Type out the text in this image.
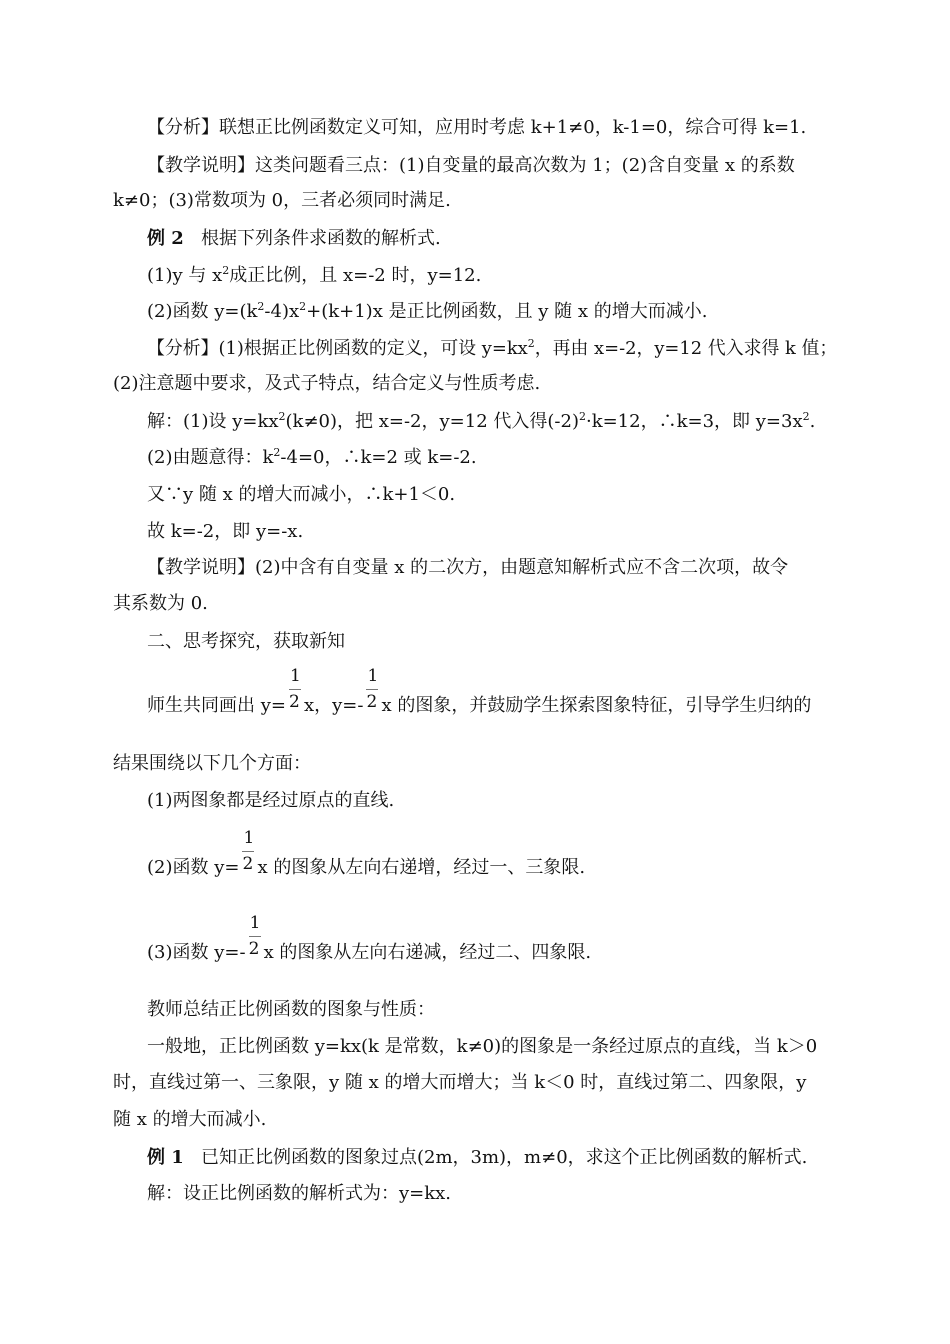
【分析】联想正比例函数定义可知，应用时考虑 k+1≠0，k-1=0，综合可得 k=1.
【教学说明】这类问题看三点：(1)自变量的最高次数为 1；(2)含自变量 x 的系数
k≠0；(3)常数项为 0，三者必须同时满足.
例 2 根据下列条件求函数的解析式.
(1)y 与 $x^2$成正比例，且 x=-2 时，y=12.
(2)函数 $y=(k^2-4)x^2+(k+1)x$ 是正比例函数，且 y 随 x 的增大而减小.
【分析】(1)根据正比例函数的定义，可设 $y=kx^2$，再由 x=-2，y=12 代入求得 k 值；
(2)注意题中要求，及式子特点，结合定义与性质考虑.
解：(1)设 $y=kx^2(k\ne 0)$，把 x=-2，y=12 代入得$(-2)^2\cdot k=12$，∴k=3，即 $y=3x^2$.
(2)由题意得：$k^2-4=0$，∴k=2 或 k=-2.
又∵y 随 x 的增大而减小，∴k+1＜0.
故 k=-2，即 y=-x.
【教学说明】(2)中含有自变量 x 的二次方，由题意知解析式应不含二次项，故令
其系数为 0.
二、思考探究，获取新知
师生共同画出 $y= \frac{1}{2}$ x，$y=- \frac{1}{2}$ x 的图象，并鼓励学生探索图象特征，引导学生归纳的
结果围绕以下几个方面：
(1)两图象都是经过原点的直线.
(2)函数 $y= \frac{1}{2}$ x 的图象从左向右递增，经过一、三象限.
(3)函数 $y=- \frac{1}{2}$ x 的图象从左向右递减，经过二、四象限.
教师总结正比例函数的图象与性质：
一般地，正比例函数 y=kx(k 是常数，k≠0)的图象是一条经过原点的直线，当 k＞0
时，直线过第一、三象限，y 随 x 的增大而增大；当 k＜0 时，直线过第二、四象限，y
随 x 的增大而减小.
例 1 已知正比例函数的图象过点(2m，3m)，m≠0，求这个正比例函数的解析式.
解：设正比例函数的解析式为：y=kx.
